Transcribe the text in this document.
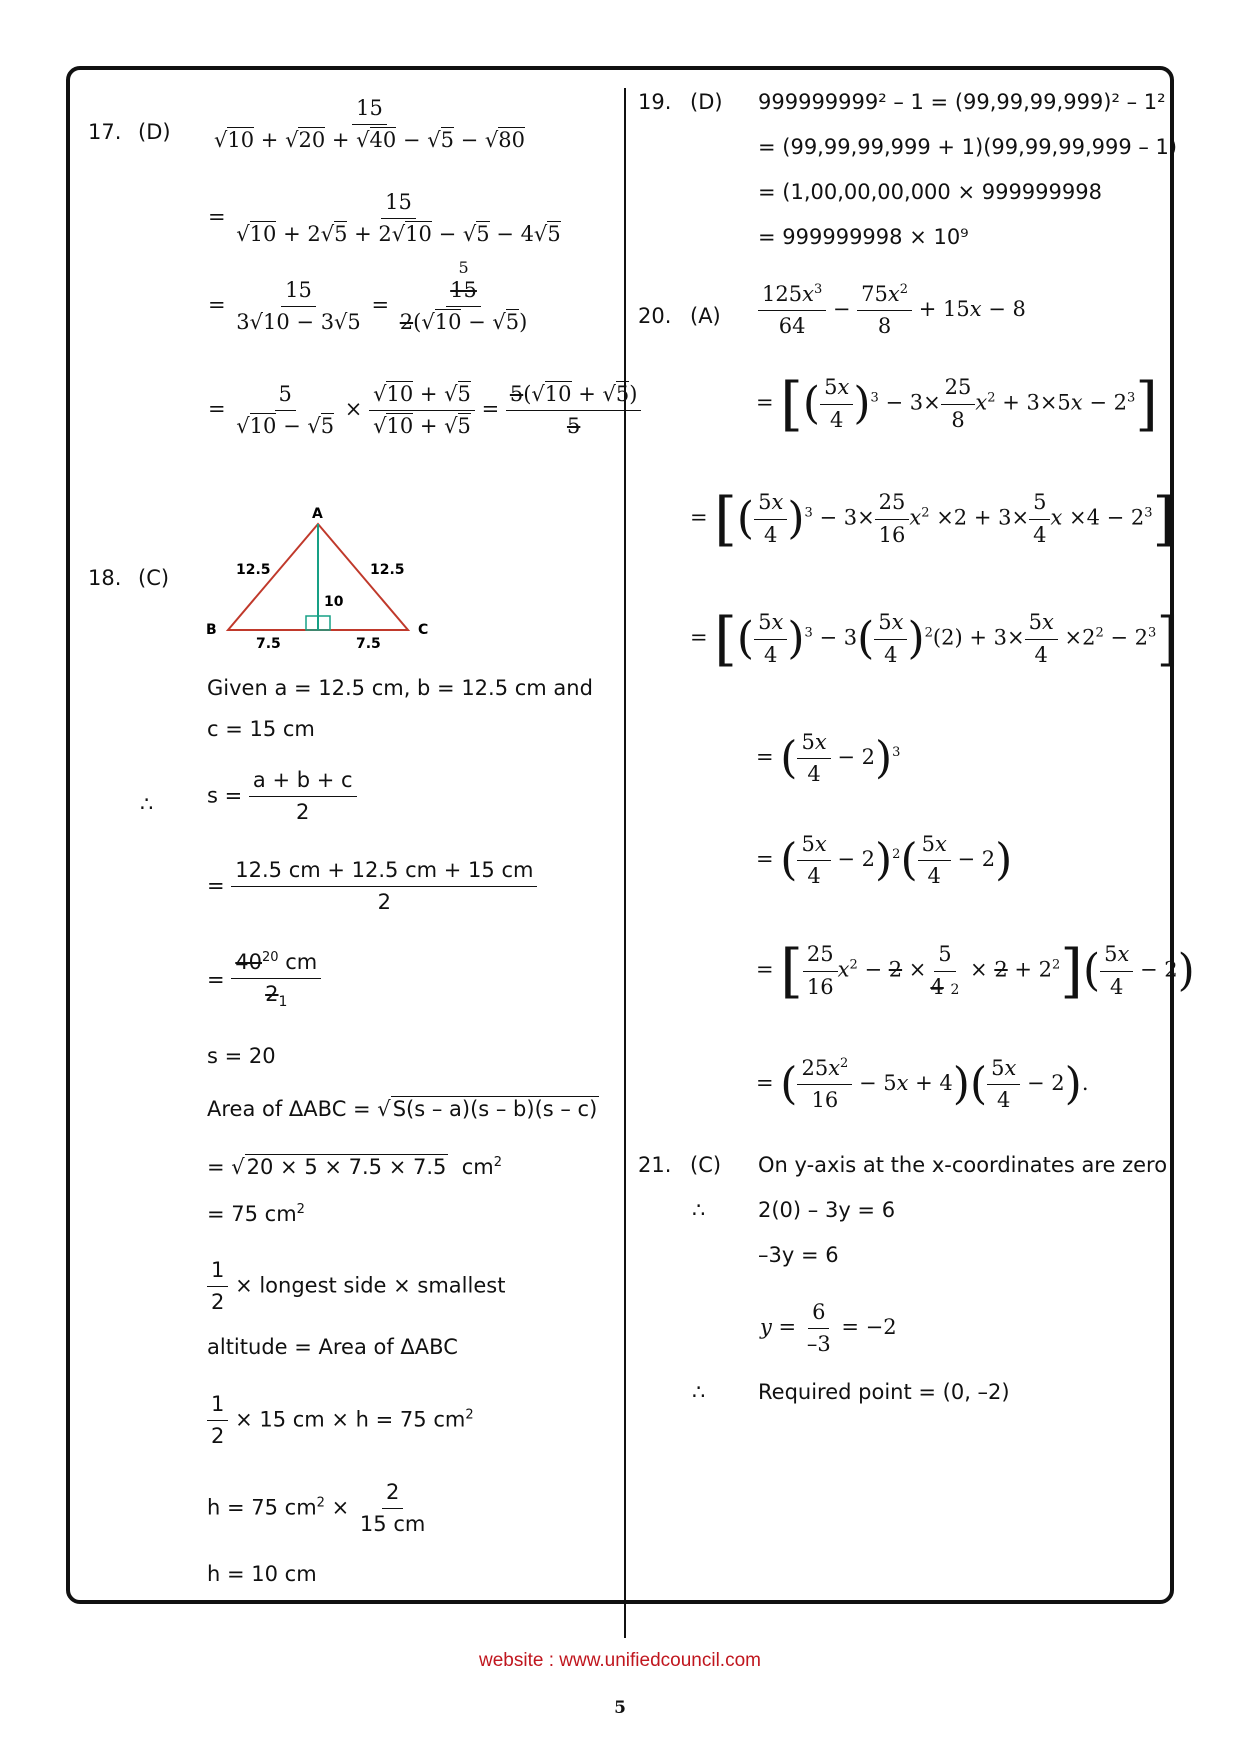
17. $(D) \frac{15}{√10 + √20 + √40 - √5 - √80}$
= $\frac{15}{√10 + 2√5 + 2√10 - √5 - 4√5}$
= $\frac{15}{3√10 - 3√5} = 5$
15
2(√10 − √5)
= $\frac{5}{√10 - √5} \times \frac{√10 + √5}{√10 + √5} = \frac{5(√10 + √5)}{5}$
18. (C)
A
B	C
12.5	12.5
10
7.5	7.5
Given a = 12.5 cm, b = 12.5 cm and
c = 15 cm
∴	$s = \frac{a + b + c}{2}$
= $\frac{12.5 cm + 12.5 cm + 15 cm}{2}$
= $\frac{40^{20} cm}{2_1}$
s = 20
Area of ΔABC = √S(s – a)(s – b)(s – c)
= √20 × 5 × 7.5 × 7.5 $cm^2$
= 75 $cm^2$
$\frac{1}{2}$ × longest side × smallest
altitude = Area of ΔABC
$\frac{1}{2} \times 15$ cm × h = 75 $cm^2$
h = 75 $cm^2 \times \frac{2}{15 cm}$
h = 10 cm
19. (D) 999999999² – 1 = (99,99,99,999)² – 1²
= (99,99,99,999 + 1)(99,99,99,999 – 1)
= (1,00,00,00,000 × 999999998
= 999999998 × 10⁹
20. $(A) \frac{125x^3}{64} - \frac{75x^2}{8} + 15x - 8$
= [( $\frac{5x}{4} )^3 - 3\times \frac{25}{8} x^2 + 3\times 5x - 2^3$]
= [( $\frac{5x}{4} )^3 - 3\times \frac{25}{16} x^2 \times 2 + 3\times \frac{5}{4}$ $x \times 4 - 2^3$]
= [( $\frac{5x}{4} )^3 - 3( \frac{5x}{4} )^2(2) + 3\times \frac{5x}{4} \times 2^2 - 2^3$]
= ( $\frac{5x}{4} - 2)^3$
= ( $\frac{5x}{4} - 2)^2( \frac{5x}{4} - 2)$
= [ $\frac{25}{16} x^2 - 2 \times \frac{5}{4 2} \times 2 + 2^2]( \frac{5x}{4} - 2)$
= ( $\frac{25x^2}{16} - 5x + 4)( \frac{5x}{4} - 2)$.
21. (C) On y-axis at the x-coordinates are zero
∴	2(0) – 3y = 6
–3y = 6
$y = \frac{6}{-3} = -2$
∴	Required point = (0, –2)
website : www.unifiedcouncil.com
5
